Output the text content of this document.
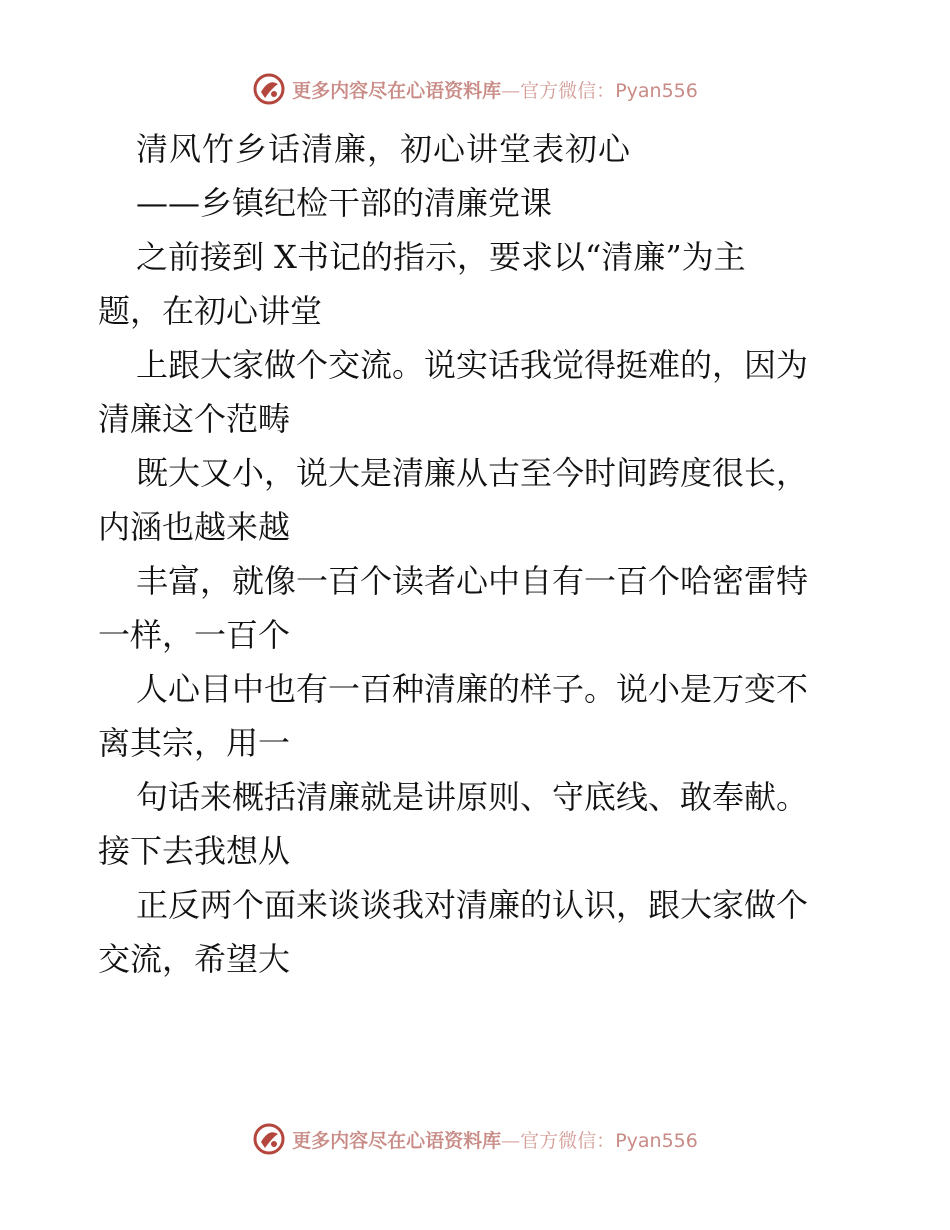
更多内容尽在心语资料库—官方微信：Pyan556
清风竹乡话清廉，初心讲堂表初心
——乡镇纪检干部的清廉党课
之前接到 X书记的指示，要求以“清廉”为主
题，在初心讲堂
上跟大家做个交流。说实话我觉得挺难的，因为
清廉这个范畴
既大又小，说大是清廉从古至今时间跨度很长，
内涵也越来越
丰富，就像一百个读者心中自有一百个哈密雷特
一样，一百个
人心目中也有一百种清廉的样子。说小是万变不
离其宗，用一
句话来概括清廉就是讲原则、守底线、敢奉献。
接下去我想从
正反两个面来谈谈我对清廉的认识，跟大家做个
交流，希望大
更多内容尽在心语资料库—官方微信：Pyan556
